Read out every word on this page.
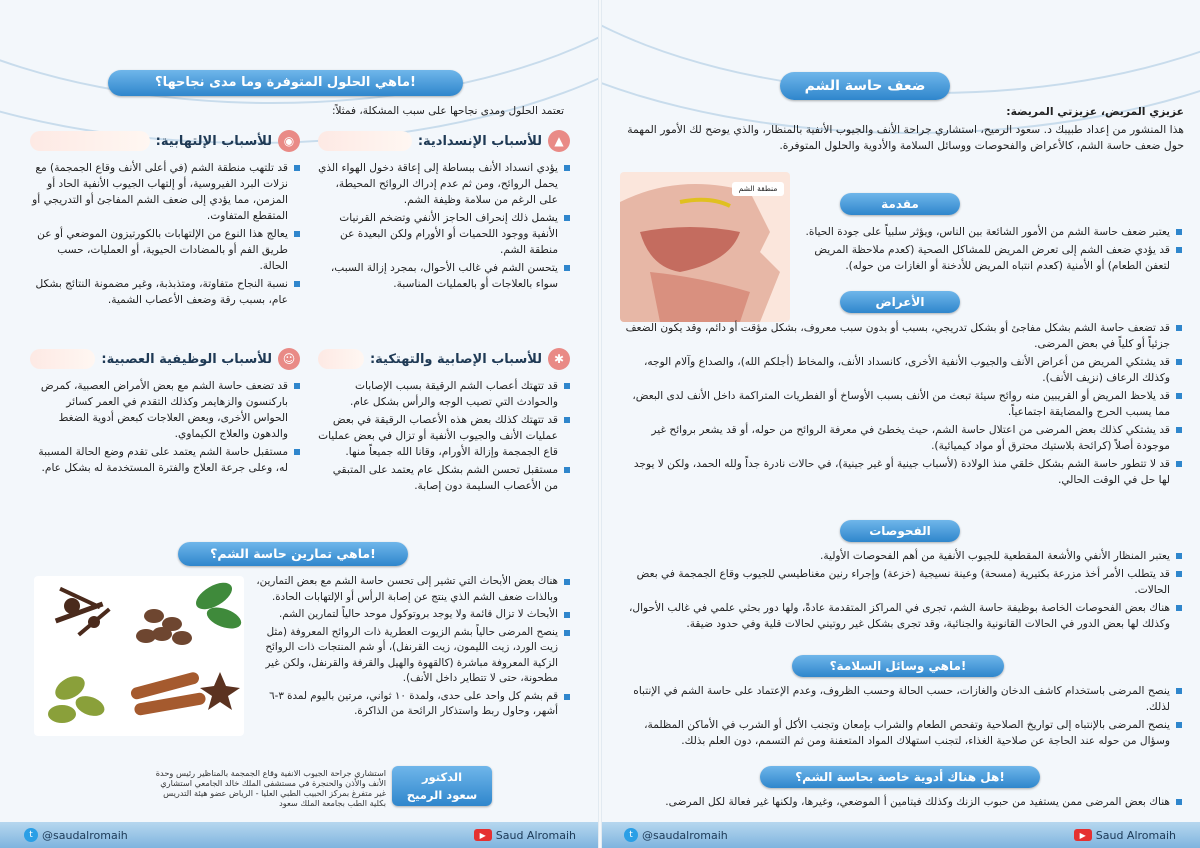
ماهي الحلول المتوفرة وما مدى نجاحها؟!
تعتمد الحلول ومدى نجاحها على سبب المشكلة، فمثلاً:
▲
للأسباب الإنسدادية:
يؤدي انسداد الأنف ببساطة إلى إعاقة دخول الهواء الذي يحمل الروائح، ومن ثم عدم إدراك الروائح المحيطة، على الرغم من سلامة وظيفة الشم.
يشمل ذلك إنحراف الحاجز الأنفي وتضخم القرنيات الأنفية ووجود اللحميات أو الأورام ولكن البعيدة عن منطقة الشم.
يتحسن الشم في غالب الأحوال، بمجرد إزالة السبب، سواء بالعلاجات أو بالعمليات المناسبة.
◉
للأسباب الإلتهابية:
قد تلتهب منطقة الشم (في أعلى الأنف وقاع الجمجمة) مع نزلات البرد الفيروسية، أو إلتهاب الجيوب الأنفية الحاد أو المزمن، مما يؤدي إلى ضعف الشم المفاجئ أو التدريجي أو المتقطع المتفاوت.
يعالج هذا النوع من الإلتهابات بالكورتيزون الموضعي أو عن طريق الفم أو بالمضادات الحيوية، أو العمليات، حسب الحالة.
نسبة النجاح متفاوتة، ومتذبذبة، وغير مضمونة النتائج بشكل عام، بسبب رقة وضعف الأعصاب الشمية.
✱
للأسباب الإصابية والتهتكية:
قد تتهتك أعصاب الشم الرقيقة بسبب الإصابات والحوادث التي تصيب الوجه والرأس بشكل عام.
قد تتهتك كذلك بعض هذه الأعصاب الرقيقة في بعض عمليات الأنف والجيوب الأنفية أو تزال في بعض عمليات قاع الجمجمة وإزالة الأورام، وقانا الله جميعاً منها.
مستقبل تحسن الشم بشكل عام يعتمد على المتبقي من الأعصاب السليمة دون إصابة.
☺
للأسباب الوظيفية العصبية:
قد تضعف حاسة الشم مع بعض الأمراض العصبية، كمرض باركنسون والزهايمر وكذلك التقدم في العمر كسائر الحواس الأخرى، وبعض العلاجات كبعض أدوية الضغط والدهون والعلاج الكيماوي.
مستقبل حاسة الشم يعتمد على تقدم وضع الحالة المسببة له، وعلى جرعة العلاج والفترة المستخدمة له بشكل عام.
ماهي تمارين حاسة الشم؟!
هناك بعض الأبحاث التي تشير إلى تحسن حاسة الشم مع بعض التمارين، وبالذات ضعف الشم الذي ينتج عن إصابة الرأس أو الإلتهابات الحادة.
الأبحاث لا تزال قائمة ولا يوجد بروتوكول موحد حالياً لتمارين الشم.
ينصح المرضى حالياً بشم الزيوت العطرية ذات الروائح المعروفة (مثل زيت الورد، زيت الليمون، زيت القرنفل)، أو شم المنتجات ذات الروائح الزكية المعروفة مباشرة (كالقهوة والهيل والقرفة والقرنفل، ولكن غير مطحونة، حتى لا تتطاير داخل الأنف).
قم بشم كل واحد على حدى، ولمدة ١٠ ثواني، مرتين باليوم لمدة ٣-٦ أشهر، وحاول ربط واستذكار الرائحة من الذاكرة.
الدكتور
سعود الرميح
استشاري جراحة الجيوب الانفية وقاع الجمجمة بالمناظير رئيس وحدة الأنف والأذن والحنجرة في مستشفى الملك خالد الجامعي استشاري غير متفرغ بمركز الحبيب الطبي العليا - الرياض عضو هيئة التدريس بكلية الطب بجامعة الملك سعود
t @saudalromaih	▶ Saud Alromaih
ضعف حاسة الشم
عزيزي المريض، عزيزتي المريضة:
هذا المنشور من إعداد طبيبك د. سعود الرميح، استشاري جراحة الأنف والجيوب الأنفية بالمنظار، والذي يوضح لك الأمور المهمة حول ضعف حاسة الشم، كالأعراض والفحوصات ووسائل السلامة والأدوية والحلول المتوفرة.
منطقة الشم
مقدمة
يعتبر ضعف حاسة الشم من الأمور الشائعة بين الناس، ويؤثر سلبياً على جودة الحياة.
قد يؤدي ضعف الشم إلى تعرض المريض للمشاكل الصحية (كعدم ملاحظة المريض لتعفن الطعام) أو الأمنية (كعدم انتباه المريض للأدخنة أو الغازات من حوله).
الأعراض
قد تضعف حاسة الشم بشكل مفاجئ أو بشكل تدريجي، بسبب أو بدون سبب معروف، بشكل مؤقت أو دائم، وقد يكون الضعف جزئياً أو كلياً في بعض المرضى.
قد يشتكي المريض من أعراض الأنف والجيوب الأنفية الأخرى، كانسداد الأنف، والمخاط (أجلكم الله)، والصداع وآلام الوجه، وكذلك الرعاف (نزيف الأنف).
قد يلاحظ المريض أو القريبين منه روائح سيئة تبعث من الأنف بسبب الأوساخ أو الفطريات المتراكمة داخل الأنف لدى البعض، مما يسبب الحرج والمضايقة اجتماعياً.
قد يشتكي كذلك بعض المرضى من اعتلال حاسة الشم، حيث يخطئ في معرفة الروائح من حوله، أو قد يشعر بروائح غير موجودة أصلاً (كرائحة بلاستيك محترق أو مواد كيميائية).
قد لا تتطور حاسة الشم بشكل خلقي منذ الولادة (لأسباب جينية أو غير جينية)، في حالات نادرة جداً ولله الحمد، ولكن لا يوجد لها حل في الوقت الحالي.
الفحوصات
يعتبر المنظار الأنفي والأشعة المقطعية للجيوب الأنفية من أهم الفحوصات الأولية.
قد يتطلب الأمر أخذ مزرعة بكتيرية (مسحة) وعينة نسيجية (خزعة) وإجراء رنين مغناطيسي للجيوب وقاع الجمجمة في بعض الحالات.
هناك بعض الفحوصات الخاصة بوظيفة حاسة الشم، تجرى في المراكز المتقدمة عادةً، ولها دور بحثي علمي في غالب الأحوال، وكذلك لها بعض الدور في الحالات القانونية والجنائية، وقد تجرى بشكل غير روتيني لحالات قلية وفي حدود ضيقة.
ماهي وسائل السلامة؟!
ينصح المرضى باستخدام كاشف الدخان والغازات، حسب الحالة وحسب الظروف، وعدم الإعتماد على حاسة الشم في الإنتباه لذلك.
ينصح المرضى بالإنتباه إلى تواريخ الصلاحية وتفحص الطعام والشراب بإمعان وتجنب الأكل أو الشرب في الأماكن المظلمة، وسؤال من حوله عند الحاجة عن صلاحية الغذاء، لتجنب استهلاك المواد المتعفنة ومن ثم التسمم، دون العلم بذلك.
هل هناك أدوية خاصة بحاسة الشم؟!
هناك بعض المرضى ممن يستفيد من حبوب الزنك وكذلك فيتامين أ الموضعي، وغيرها، ولكنها غير فعالة لكل المرضى.
t @saudalromaih	▶ Saud Alromaih
